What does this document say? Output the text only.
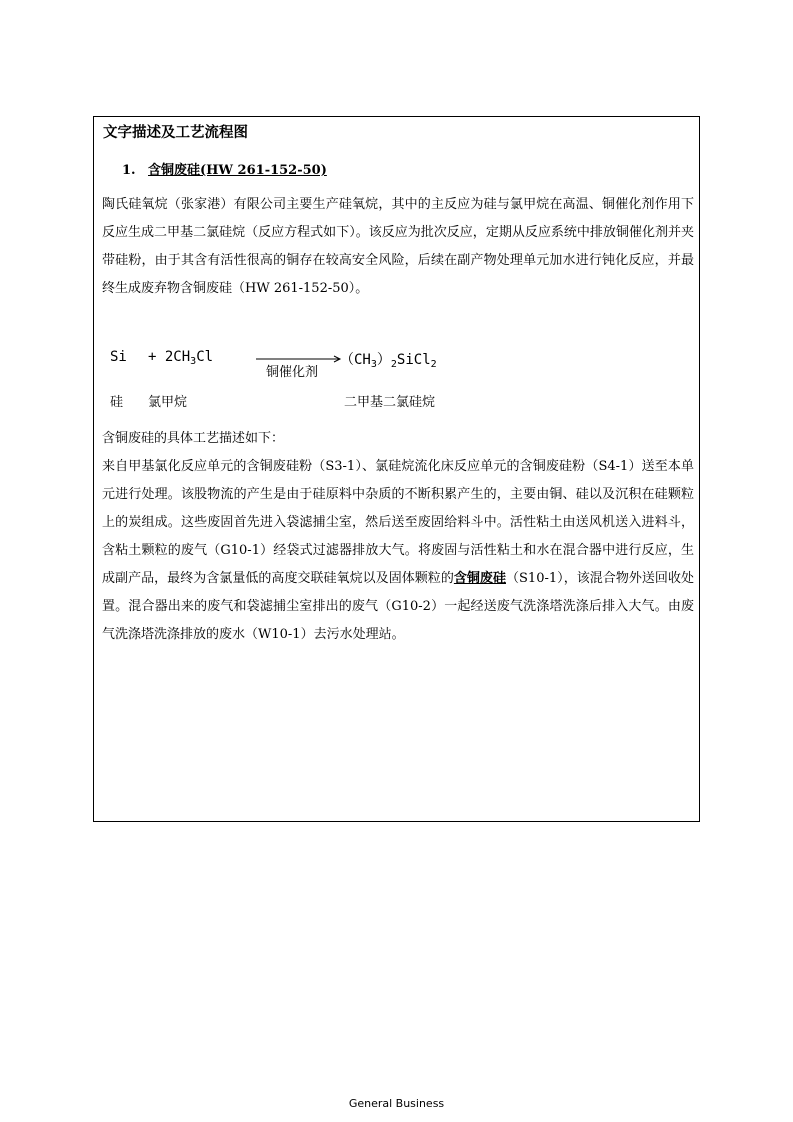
文字描述及工艺流程图
1. 含铜废硅(HW 261-152-50)

陶氏硅氧烷（张家港）有限公司主要生产硅氧烷，其中的主反应为硅与氯甲烷在高温、铜催化剂作用下反应生成二甲基二氯硅烷（反应方程式如下）。该反应为批次反应，定期从反应系统中排放铜催化剂并夹带硅粉，由于其含有活性很高的铜存在较高安全风险，后续在副产物处理单元加水进行钝化反应，并最终生成废弃物含铜废硅（HW 261-152-50）。

$Si + 2CH_3Cl$
铜催化剂
$(CH_3)_2SiCl_2$
硅 氯甲烷	二甲基二氯硅烷
含铜废硅的具体工艺描述如下：

来自甲基氯化反应单元的含铜废硅粉（S3-1）、氯硅烷流化床反应单元的含铜废硅粉（S4-1）送至本单元进行处理。该股物流的产生是由于硅原料中杂质的不断积累产生的，主要由铜、硅以及沉积在硅颗粒上的炭组成。这些废固首先进入袋滤捕尘室，然后送至废固给料斗中。活性粘土由送风机送入进料斗，含粘土颗粒的废气（G10-1）经袋式过滤器排放大气。将废固与活性粘土和水在混合器中进行反应，生成副产品，最终为含氯量低的高度交联硅氧烷以及固体颗粒的含铜废硅（S10-1），该混合物外送回收处置。混合器出来的废气和袋滤捕尘室排出的废气（G10-2）一起经送废气洗涤塔洗涤后排入大气。由废气洗涤塔洗涤排放的废水（W10-1）去污水处理站。

General Business
